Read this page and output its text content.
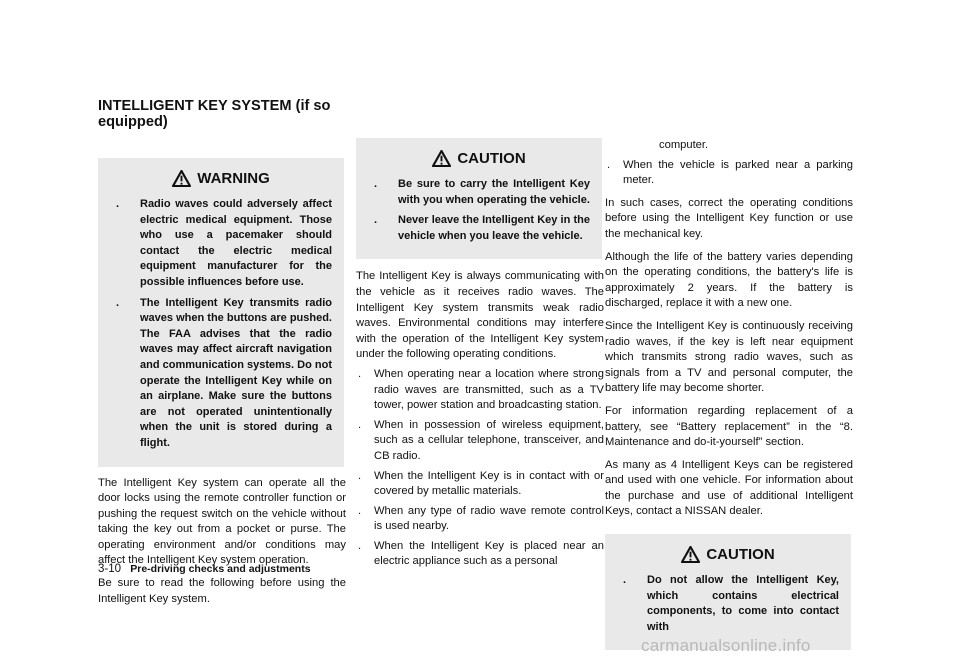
INTELLIGENT KEY SYSTEM (if so equipped)
WARNING
.	Radio waves could adversely affect electric medical equipment. Those who use a pacemaker should contact the electric medical equipment manufacturer for the possible influences before use.
.	The Intelligent Key transmits radio waves when the buttons are pushed. The FAA advises that the radio waves may affect aircraft navigation and communication systems. Do not operate the Intelligent Key while on an airplane. Make sure the buttons are not operated unintentionally when the unit is stored during a flight.

The Intelligent Key system can operate all the door locks using the remote controller function or pushing the request switch on the vehicle without taking the key out from a pocket or purse. The operating environment and/or conditions may affect the Intelligent Key system operation.

Be sure to read the following before using the Intelligent Key system.

CAUTION
.	Be sure to carry the Intelligent Key with you when operating the vehicle.
.	Never leave the Intelligent Key in the vehicle when you leave the vehicle.

The Intelligent Key is always communicating with the vehicle as it receives radio waves. The Intelligent Key system transmits weak radio waves. Environmental conditions may interfere with the operation of the Intelligent Key system under the following operating conditions.

.	When operating near a location where strong radio waves are transmitted, such as a TV tower, power station and broadcasting station.
.	When in possession of wireless equipment, such as a cellular telephone, transceiver, and CB radio.
.	When the Intelligent Key is in contact with or covered by metallic materials.
.	When any type of radio wave remote control is used nearby.
.	When the Intelligent Key is placed near an electric appliance such as a personal
computer.
.	When the vehicle is parked near a parking meter.

In such cases, correct the operating conditions before using the Intelligent Key function or use the mechanical key.

Although the life of the battery varies depending on the operating conditions, the battery's life is approximately 2 years. If the battery is discharged, replace it with a new one.

Since the Intelligent Key is continuously receiving radio waves, if the key is left near equipment which transmits strong radio waves, such as signals from a TV and personal computer, the battery life may become shorter.

For information regarding replacement of a battery, see “Battery replacement” in the “8. Maintenance and do-it-yourself” section.

As many as 4 Intelligent Keys can be registered and used with one vehicle. For information about the purchase and use of additional Intelligent Keys, contact a NISSAN dealer.

CAUTION
.	Do not allow the Intelligent Key, which contains electrical components, to come into contact with
3-10 Pre-driving checks and adjustments
carmanualsonline.info
